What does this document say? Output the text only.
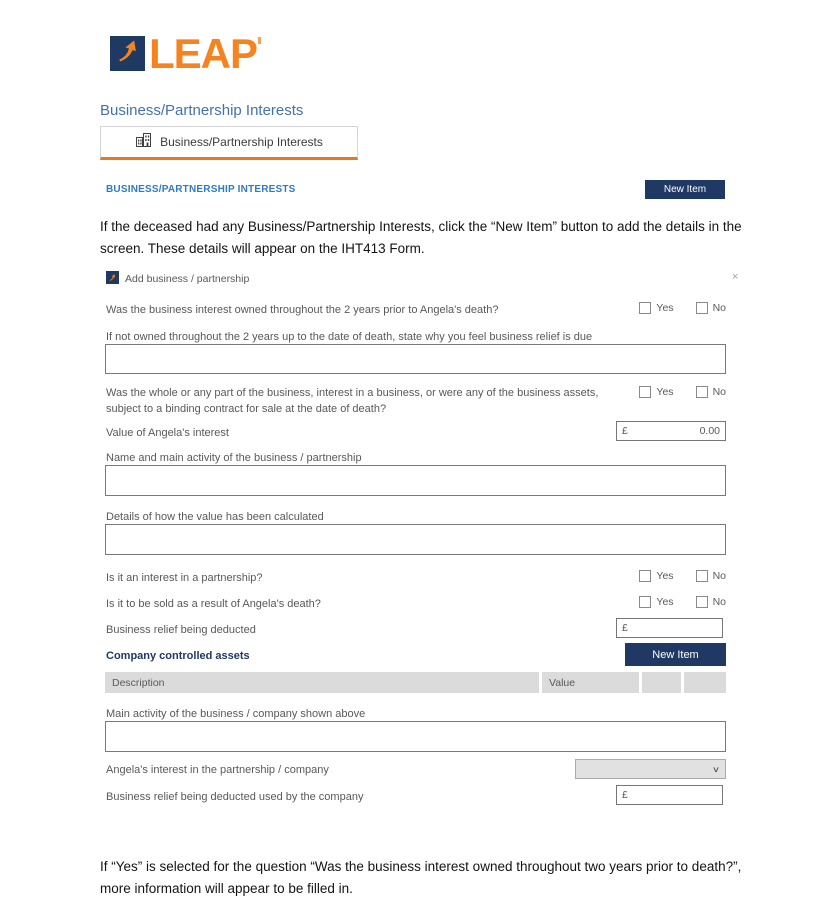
LEAP
Business/Partnership Interests
Business/Partnership Interests
BUSINESS/PARTNERSHIP INTERESTS	New Item
If the deceased had any Business/Partnership Interests, click the “New Item” button to add the details in the screen. These details will appear on the IHT413 Form.
Add business / partnership	×
Was the business interest owned throughout the 2 years prior to Angela's death?	Yes	No
If not owned throughout the 2 years up to the date of death, state why you feel business relief is due
Was the whole or any part of the business, interest in a business, or were any of the business assets, subject to a binding contract for sale at the date of death?
Yes	No
Value of Angela's interest	£	0.00
Name and main activity of the business / partnership
Details of how the value has been calculated
Is it an interest in a partnership?	Yes	No
Is it to be sold as a result of Angela's death?	Yes	No
Business relief being deducted	£
Company controlled assets	New Item
Description	Value
Main activity of the business / company shown above
Angela's interest in the partnership / company	∨
Business relief being deducted used by the company	£
If “Yes” is selected for the question “Was the business interest owned throughout two years prior to death?”, more information will appear to be filled in.
